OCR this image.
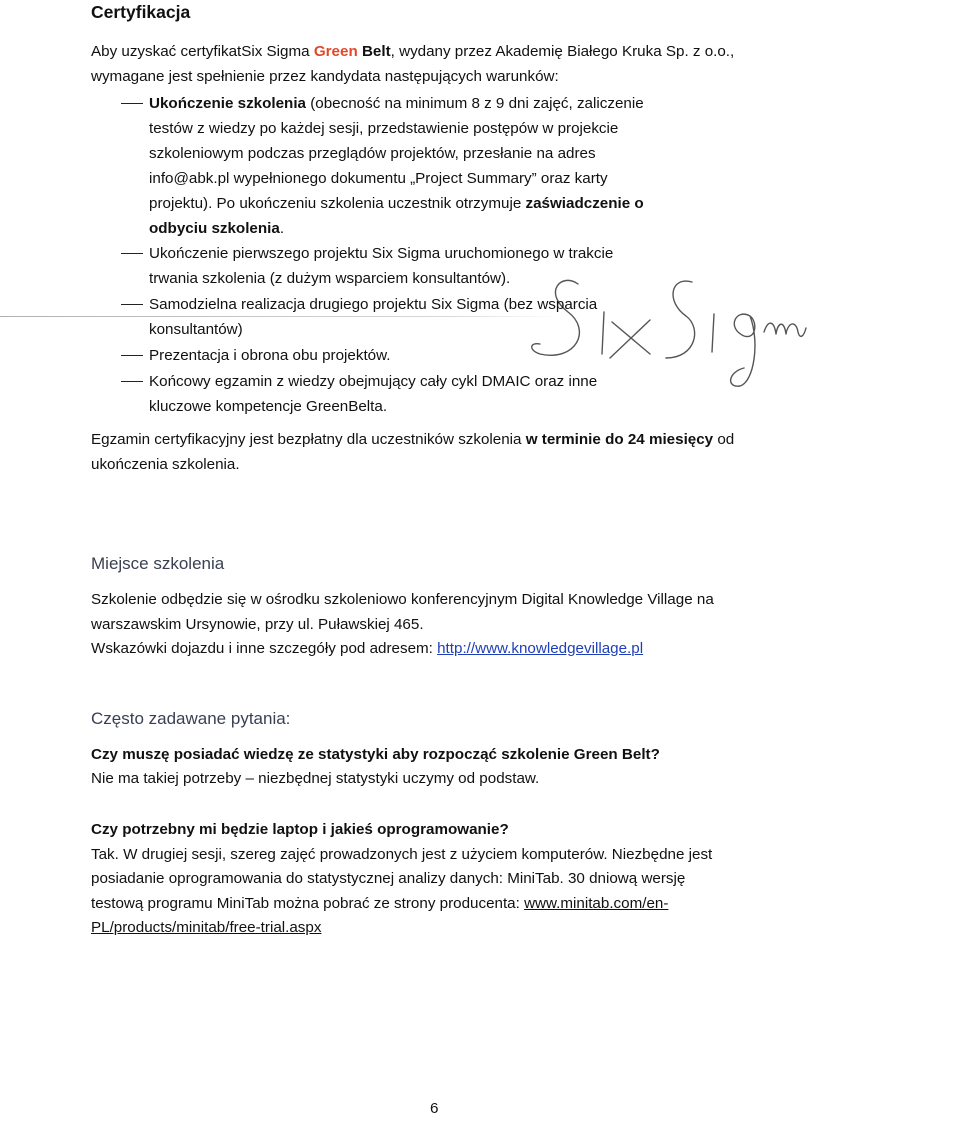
Certyfikacja
Aby uzyskać certyfikatSix Sigma Green Belt, wydany przez Akademię Białego Kruka Sp. z o.o.,
wymagane jest spełnienie przez kandydata następujących warunków:
Ukończenie szkolenia (obecność na minimum 8 z 9 dni zajęć, zaliczenie
testów z wiedzy po każdej sesji, przedstawienie postępów w projekcie
szkoleniowym podczas przeglądów projektów, przesłanie na adres
info@abk.pl wypełnionego dokumentu „Project Summary” oraz karty
projektu). Po ukończeniu szkolenia uczestnik otrzymuje zaświadczenie o
odbyciu szkolenia.
Ukończenie pierwszego projektu Six Sigma uruchomionego w trakcie
trwania szkolenia (z dużym wsparciem konsultantów).
Samodzielna realizacja drugiego projektu Six Sigma (bez wsparcia
konsultantów)
Prezentacja i obrona obu projektów.
Końcowy egzamin z wiedzy obejmujący cały cykl DMAIC oraz inne
kluczowe kompetencje GreenBelta.
Egzamin certyfikacyjny jest bezpłatny dla uczestników szkolenia w terminie do 24 miesięcy od
ukończenia szkolenia.
Miejsce szkolenia
Szkolenie odbędzie się w ośrodku szkoleniowo konferencyjnym Digital Knowledge Village na
warszawskim Ursynowie, przy ul. Puławskiej 465.
Wskazówki dojazdu i inne szczegóły pod adresem: http://www.knowledgevillage.pl
Często zadawane pytania:
Czy muszę posiadać wiedzę ze statystyki aby rozpocząć szkolenie Green Belt?
Nie ma takiej potrzeby – niezbędnej statystyki uczymy od podstaw.
Czy potrzebny mi będzie laptop i jakieś oprogramowanie?
Tak. W drugiej sesji, szereg zajęć prowadzonych jest z użyciem komputerów. Niezbędne jest
posiadanie oprogramowania do statystycznej analizy danych: MiniTab. 30 dniową wersję
testową programu MiniTab można pobrać ze strony producenta: www.minitab.com/en-
PL/products/minitab/free-trial.aspx
6
